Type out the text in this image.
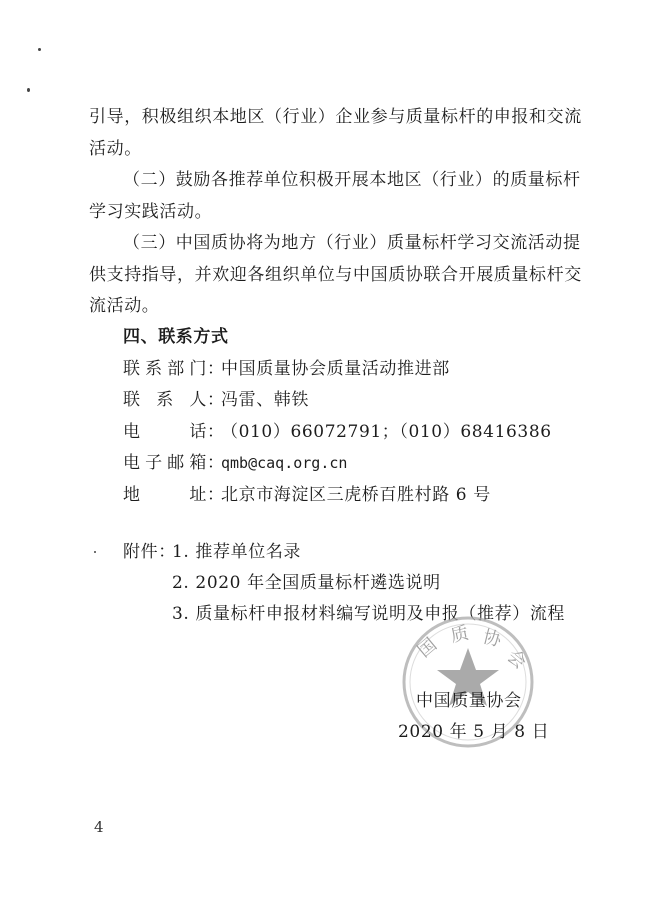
引导，积极组织本地区（行业）企业参与质量标杆的申报和交流
活动。
（二）鼓励各推荐单位积极开展本地区（行业）的质量标杆
学习实践活动。
（三）中国质协将为地方（行业）质量标杆学习交流活动提
供支持指导，并欢迎各组织单位与中国质协联合开展质量标杆交
流活动。
四、联系方式
联系部门：中国质量协会质量活动推进部
联 系 人：冯雷、韩铁
电　　话：（010）66072791；（010）68416386
电子邮箱：qmb@caq.org.cn
地　　址：北京市海淀区三虎桥百胜村路 6 号
附件：
1. 推荐单位名录
2. 2020 年全国质量标杆遴选说明
3. 质量标杆申报材料编写说明及申报（推荐）流程
国 质 协
会
中国质量协会
2020 年 5 月 8 日
4
